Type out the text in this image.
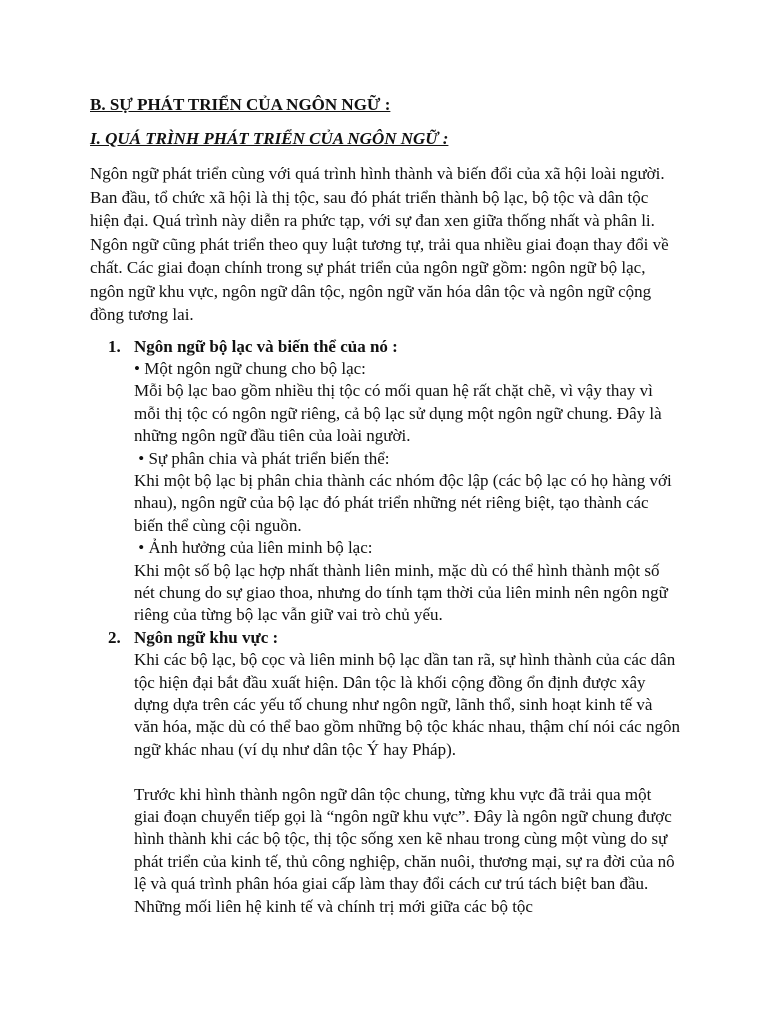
B. SỰ PHÁT TRIỂN CỦA NGÔN NGỮ :
I. QUÁ TRÌNH PHÁT TRIỂN CỦA NGÔN NGỮ :

Ngôn ngữ phát triển cùng với quá trình hình thành và biến đổi của xã hội loài người. Ban đầu, tổ chức xã hội là thị tộc, sau đó phát triển thành bộ lạc, bộ tộc và dân tộc hiện đại. Quá trình này diễn ra phức tạp, với sự đan xen giữa thống nhất và phân li. Ngôn ngữ cũng phát triển theo quy luật tương tự, trải qua nhiều giai đoạn thay đổi về chất. Các giai đoạn chính trong sự phát triển của ngôn ngữ gồm: ngôn ngữ bộ lạc, ngôn ngữ khu vực, ngôn ngữ dân tộc, ngôn ngữ văn hóa dân tộc và ngôn ngữ cộng đồng tương lai.

1. Ngôn ngữ bộ lạc và biến thể của nó :

• Một ngôn ngữ chung cho bộ lạc:

Mỗi bộ lạc bao gồm nhiều thị tộc có mối quan hệ rất chặt chẽ, vì vậy thay vì mỗi thị tộc có ngôn ngữ riêng, cả bộ lạc sử dụng một ngôn ngữ chung. Đây là những ngôn ngữ đầu tiên của loài người.

• Sự phân chia và phát triển biến thể:

Khi một bộ lạc bị phân chia thành các nhóm độc lập (các bộ lạc có họ hàng với nhau), ngôn ngữ của bộ lạc đó phát triển những nét riêng biệt, tạo thành các biến thể cùng cội nguồn.

• Ảnh hưởng của liên minh bộ lạc:

Khi một số bộ lạc hợp nhất thành liên minh, mặc dù có thể hình thành một số nét chung do sự giao thoa, nhưng do tính tạm thời của liên minh nên ngôn ngữ riêng của từng bộ lạc vẫn giữ vai trò chủ yếu.

2. Ngôn ngữ khu vực :

Khi các bộ lạc, bộ cọc và liên minh bộ lạc dần tan rã, sự hình thành của các dân tộc hiện đại bắt đầu xuất hiện. Dân tộc là khối cộng đồng ổn định được xây dựng dựa trên các yếu tố chung như ngôn ngữ, lãnh thổ, sinh hoạt kinh tế và văn hóa, mặc dù có thể bao gồm những bộ tộc khác nhau, thậm chí nói các ngôn ngữ khác nhau (ví dụ như dân tộc Ý hay Pháp).

Trước khi hình thành ngôn ngữ dân tộc chung, từng khu vực đã trải qua một giai đoạn chuyển tiếp gọi là “ngôn ngữ khu vực”. Đây là ngôn ngữ chung được hình thành khi các bộ tộc, thị tộc sống xen kẽ nhau trong cùng một vùng do sự phát triển của kinh tế, thủ công nghiệp, chăn nuôi, thương mại, sự ra đời của nô lệ và quá trình phân hóa giai cấp làm thay đổi cách cư trú tách biệt ban đầu. Những mối liên hệ kinh tế và chính trị mới giữa các bộ tộc
